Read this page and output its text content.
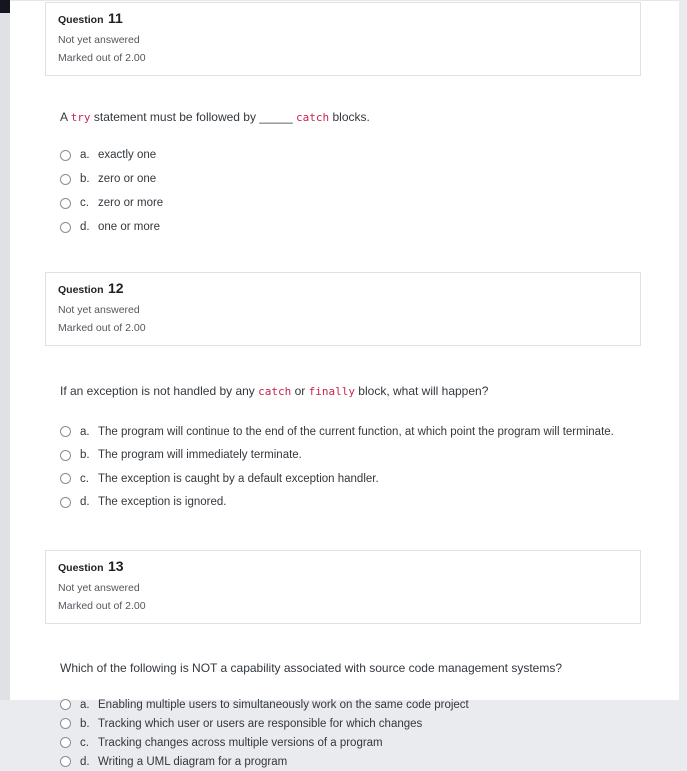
Question 11
Not yet answered
Marked out of 2.00

A try statement must be followed by _____ catch blocks.

a. exactly one
b. zero or one
c. zero or more
d. one or more
Question 12
Not yet answered
Marked out of 2.00

If an exception is not handled by any catch or finally block, what will happen?

a. The program will continue to the end of the current function, at which point the program will terminate.
b. The program will immediately terminate.
c. The exception is caught by a default exception handler.
d. The exception is ignored.
Question 13
Not yet answered
Marked out of 2.00

Which of the following is NOT a capability associated with source code management systems?

a. Enabling multiple users to simultaneously work on the same code project
b. Tracking which user or users are responsible for which changes
c. Tracking changes across multiple versions of a program
d. Writing a UML diagram for a program
